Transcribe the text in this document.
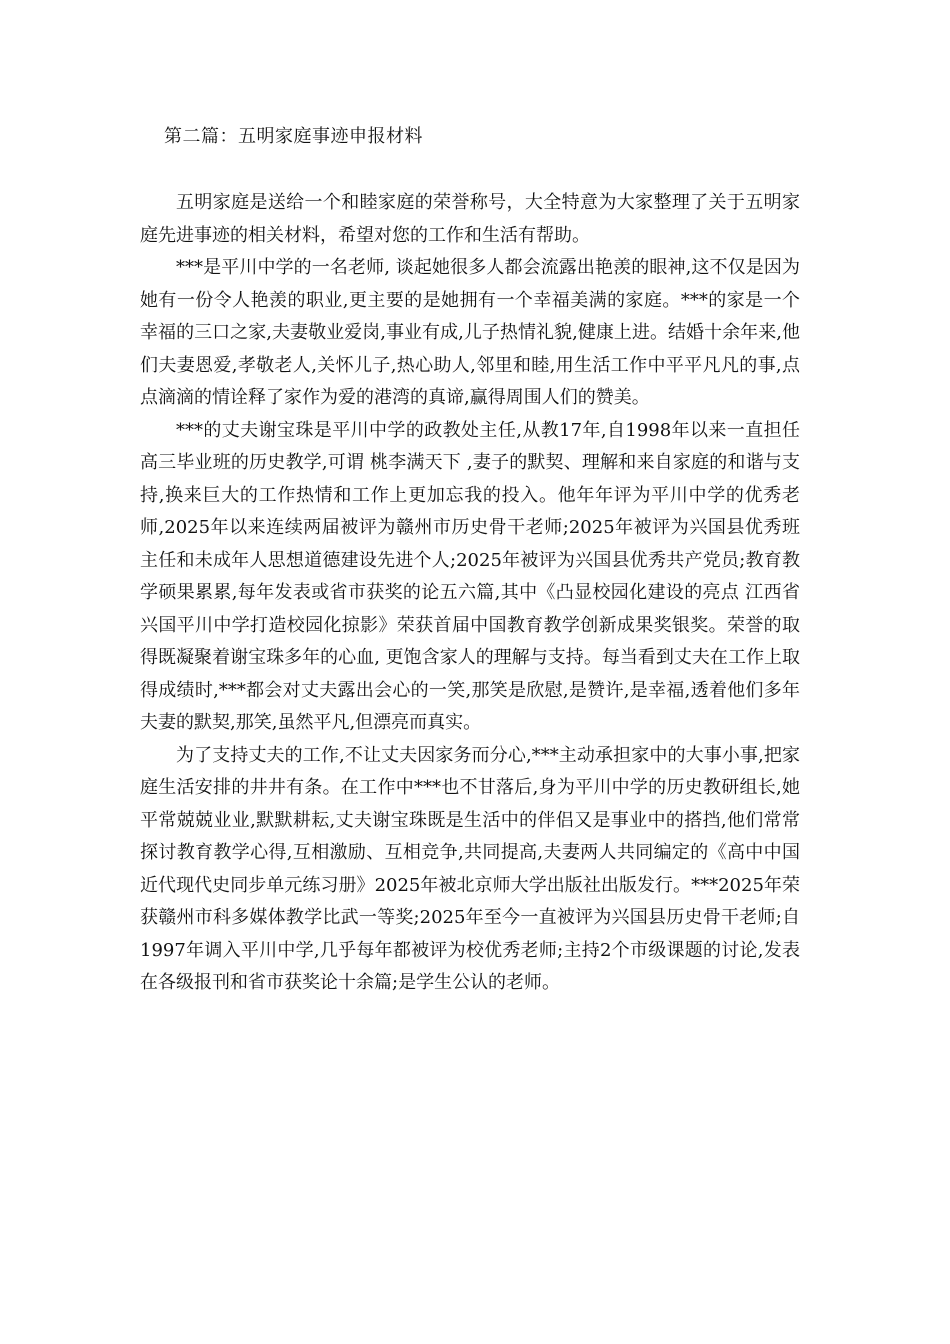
第二篇：五明家庭事迹申报材料

五明家庭是送给一个和睦家庭的荣誉称号，大全特意为大家整理了关于五明家庭先进事迹的相关材料，希望对您的工作和生活有帮助。

***是平川中学的一名老师, 谈起她很多人都会流露出艳羡的眼神,这不仅是因为她有一份令人艳羡的职业,更主要的是她拥有一个幸福美满的家庭。***的家是一个幸福的三口之家,夫妻敬业爱岗,事业有成,儿子热情礼貌,健康上进。结婚十余年来,他们夫妻恩爱,孝敬老人,关怀儿子,热心助人,邻里和睦,用生活工作中平平凡凡的事,点点滴滴的情诠释了家作为爱的港湾的真谛,赢得周围人们的赞美。

***的丈夫谢宝珠是平川中学的政教处主任,从教17年,自1998年以来一直担任高三毕业班的历史教学,可谓 桃李满天下 ,妻子的默契、理解和来自家庭的和谐与支持,换来巨大的工作热情和工作上更加忘我的投入。他年年评为平川中学的优秀老师,2025年以来连续两届被评为赣州市历史骨干老师;2025年被评为兴国县优秀班主任和未成年人思想道德建设先进个人;2025年被评为兴国县优秀共产党员;教育教学硕果累累,每年发表或省市获奖的论五六篇,其中《凸显校园化建设的亮点 江西省兴国平川中学打造校园化掠影》荣获首届中国教育教学创新成果奖银奖。荣誉的取得既凝聚着谢宝珠多年的心血, 更饱含家人的理解与支持。每当看到丈夫在工作上取得成绩时,***都会对丈夫露出会心的一笑,那笑是欣慰,是赞许,是幸福,透着他们多年夫妻的默契,那笑,虽然平凡,但漂亮而真实。

为了支持丈夫的工作,不让丈夫因家务而分心,***主动承担家中的大事小事,把家庭生活安排的井井有条。在工作中***也不甘落后,身为平川中学的历史教研组长,她平常兢兢业业,默默耕耘,丈夫谢宝珠既是生活中的伴侣又是事业中的搭挡,他们常常探讨教育教学心得,互相激励、互相竞争,共同提高,夫妻两人共同编定的《高中中国近代现代史同步单元练习册》2025年被北京师大学出版社出版发行。***2025年荣获赣州市科多媒体教学比武一等奖;2025年至今一直被评为兴国县历史骨干老师;自1997年调入平川中学,几乎每年都被评为校优秀老师;主持2个市级课题的讨论,发表在各级报刊和省市获奖论十余篇;是学生公认的老师。
